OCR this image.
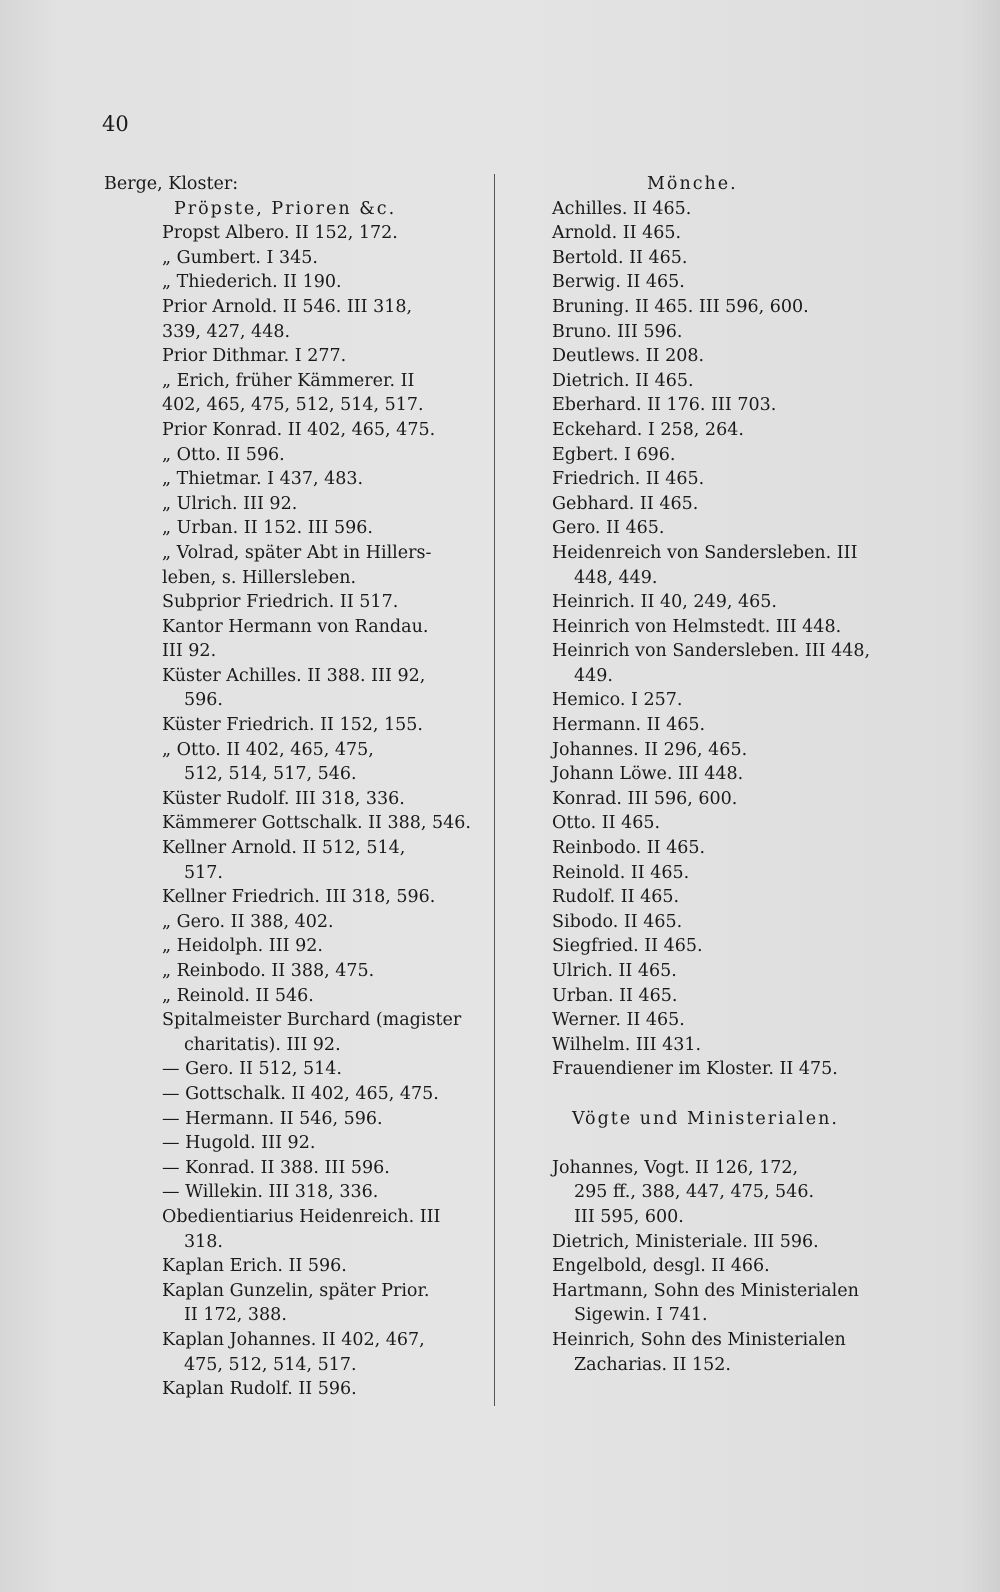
40
Berge, Kloster:
Pröpste, Prioren &c.
Propst Albero. II 152, 172.
„ Gumbert. I 345.
„ Thiederich. II 190.
Prior Arnold. II 546. III 318,
339, 427, 448.
Prior Dithmar. I 277.
„ Erich, früher Kämmerer. II
402, 465, 475, 512, 514, 517.
Prior Konrad. II 402, 465, 475.
„ Otto. II 596.
„ Thietmar. I 437, 483.
„ Ulrich. III 92.
„ Urban. II 152. III 596.
„ Volrad, später Abt in Hillers-
leben, s. Hillersleben.
Subprior Friedrich. II 517.
Kantor Hermann von Randau.
III 92.
Küster Achilles. II 388. III 92,
596.
Küster Friedrich. II 152, 155.
„ Otto. II 402, 465, 475,
512, 514, 517, 546.
Küster Rudolf. III 318, 336.
Kämmerer Gottschalk. II 388, 546.
Kellner Arnold. II 512, 514,
517.
Kellner Friedrich. III 318, 596.
„ Gero. II 388, 402.
„ Heidolph. III 92.
„ Reinbodo. II 388, 475.
„ Reinold. II 546.
Spitalmeister Burchard (magister
charitatis). III 92.
— Gero. II 512, 514.
— Gottschalk. II 402, 465, 475.
— Hermann. II 546, 596.
— Hugold. III 92.
— Konrad. II 388. III 596.
— Willekin. III 318, 336.
Obedientiarius Heidenreich. III
318.
Kaplan Erich. II 596.
Kaplan Gunzelin, später Prior.
II 172, 388.
Kaplan Johannes. II 402, 467,
475, 512, 514, 517.
Kaplan Rudolf. II 596.
Mönche.
Achilles. II 465.
Arnold. II 465.
Bertold. II 465.
Berwig. II 465.
Bruning. II 465. III 596, 600.
Bruno. III 596.
Deutlews. II 208.
Dietrich. II 465.
Eberhard. II 176. III 703.
Eckehard. I 258, 264.
Egbert. I 696.
Friedrich. II 465.
Gebhard. II 465.
Gero. II 465.
Heidenreich von Sandersleben. III
448, 449.
Heinrich. II 40, 249, 465.
Heinrich von Helmstedt. III 448.
Heinrich von Sandersleben. III 448,
449.
Hemico. I 257.
Hermann. II 465.
Johannes. II 296, 465.
Johann Löwe. III 448.
Konrad. III 596, 600.
Otto. II 465.
Reinbodo. II 465.
Reinold. II 465.
Rudolf. II 465.
Sibodo. II 465.
Siegfried. II 465.
Ulrich. II 465.
Urban. II 465.
Werner. II 465.
Wilhelm. III 431.
Frauendiener im Kloster. II 475.
Vögte und Ministerialen.
Johannes, Vogt. II 126, 172,
295 ff., 388, 447, 475, 546.
III 595, 600.
Dietrich, Ministeriale. III 596.
Engelbold, desgl. II 466.
Hartmann, Sohn des Ministerialen
Sigewin. I 741.
Heinrich, Sohn des Ministerialen
Zacharias. II 152.
